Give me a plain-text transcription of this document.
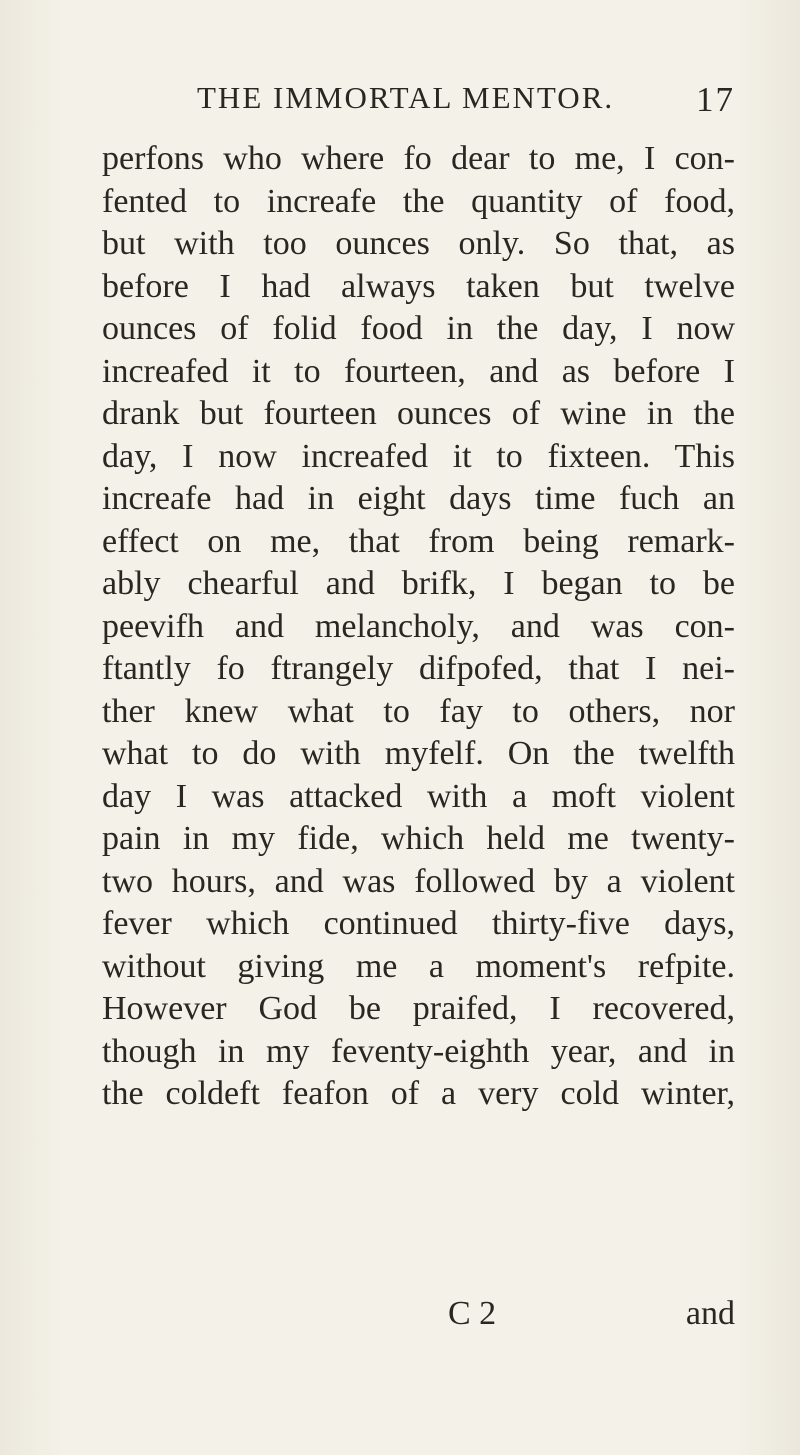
THE IMMORTAL MENTOR. 17
perfons who where fo dear to me, I con-
fented to increafe the quantity of food,
but with too ounces only. So that, as
before I had always taken but twelve
ounces of folid food in the day, I now
increafed it to fourteen, and as before I
drank but fourteen ounces of wine in the
day, I now increafed it to fixteen. This
increafe had in eight days time fuch an
effect on me, that from being remark-
ably chearful and brifk, I began to be
peevifh and melancholy, and was con-
ftantly fo ftrangely difpofed, that I nei-
ther knew what to fay to others, nor
what to do with myfelf. On the twelfth
day I was attacked with a moft violent
pain in my fide, which held me twenty-
two hours, and was followed by a violent
fever which continued thirty-five days,
without giving me a moment's refpite.
However God be praifed, I recovered,
though in my feventy-eighth year, and in
the coldeft feafon of a very cold winter,
C 2	and
